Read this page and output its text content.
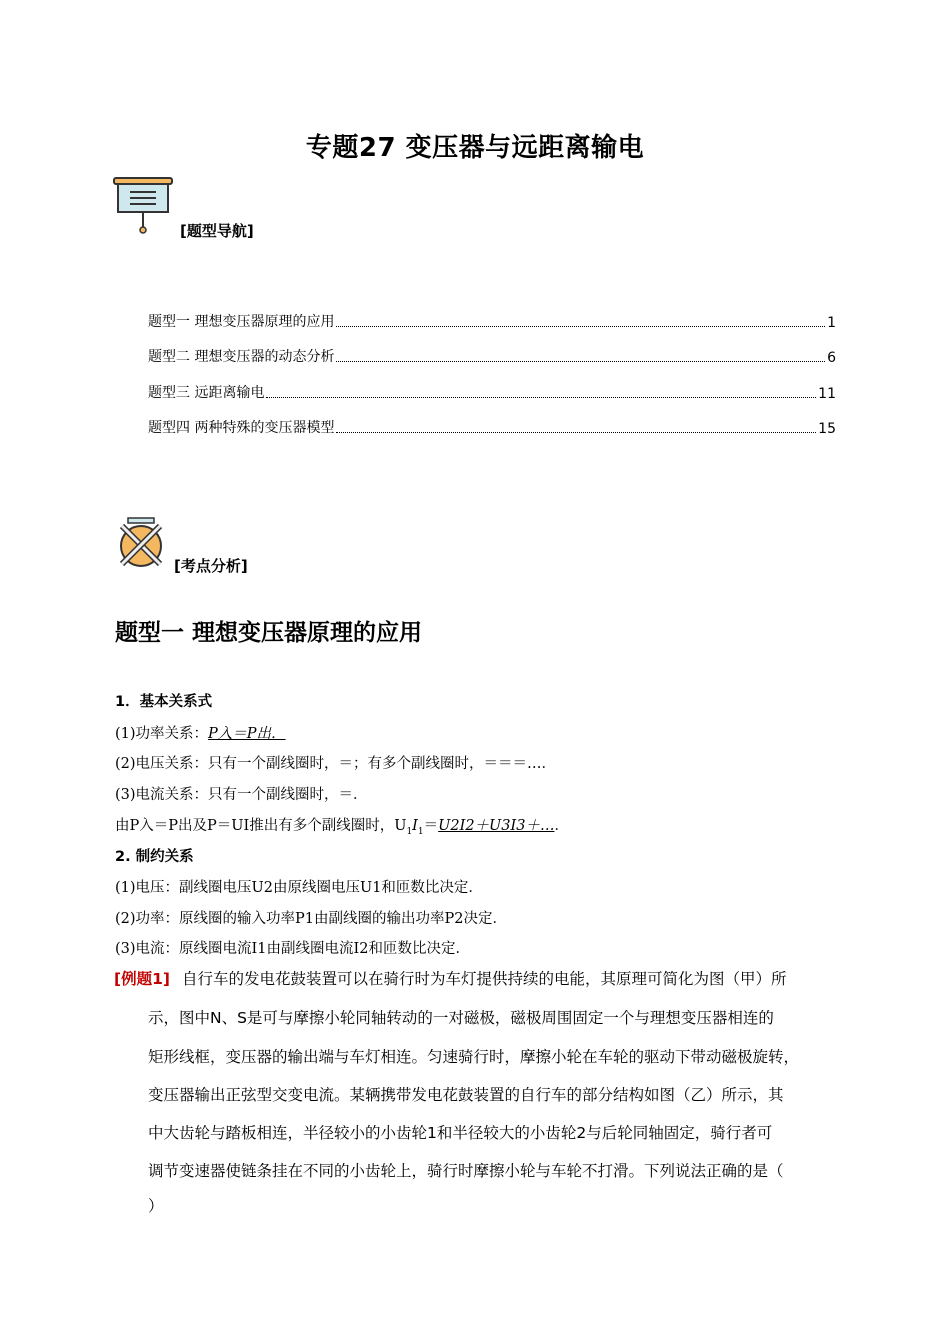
专题27 变压器与远距离输电
[题型导航]
题型一 理想变压器原理的应用	1
题型二 理想变压器的动态分析	6
题型三 远距离输电	11
题型四 两种特殊的变压器模型	15
[考点分析]
题型一 理想变压器原理的应用
1．基本关系式
(1)功率关系：P入＝P出．
(2)电压关系：只有一个副线圈时，＝；有多个副线圈时，＝＝＝…．
(3)电流关系：只有一个副线圈时，＝．
由P入＝P出及P＝UI推出有多个副线圈时，$U_1I_1=U2I2+U3I3+\dots$．
2. 制约关系
(1)电压：副线圈电压U2由原线圈电压U1和匝数比决定．
(2)功率：原线圈的输入功率P1由副线圈的输出功率P2决定．
(3)电流：原线圈电流I1由副线圈电流I2和匝数比决定．
[例题1] 自行车的发电花鼓装置可以在骑行时为车灯提供持续的电能，其原理可简化为图（甲）所
示，图中N、S是可与摩擦小轮同轴转动的一对磁极，磁极周围固定一个与理想变压器相连的
矩形线框，变压器的输出端与车灯相连。匀速骑行时，摩擦小轮在车轮的驱动下带动磁极旋转，
变压器输出正弦型交变电流。某辆携带发电花鼓装置的自行车的部分结构如图（乙）所示，其
中大齿轮与踏板相连，半径较小的小齿轮1和半径较大的小齿轮2与后轮同轴固定，骑行者可
调节变速器使链条挂在不同的小齿轮上，骑行时摩擦小轮与车轮不打滑。下列说法正确的是（
）
